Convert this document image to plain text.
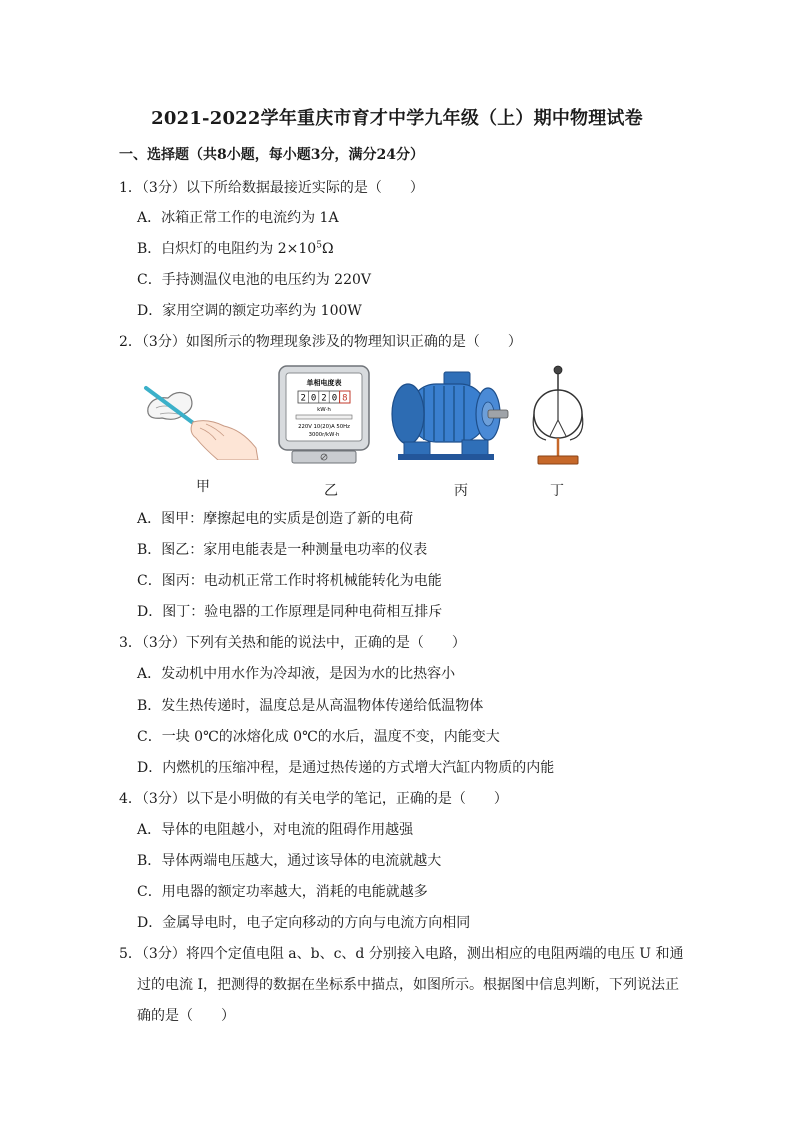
2021-2022学年重庆市育才中学九年级（上）期中物理试卷
一、选择题（共8小题，每小题3分，满分24分）
1．（3分）以下所给数据最接近实际的是（　　）
A．冰箱正常工作的电流约为 1A
B．白炽灯的电阻约为 $2\times 10^5\Omega$
C．手持测温仪电池的电压约为 220V
D．家用空调的额定功率约为 100W
2．（3分）如图所示的物理现象涉及的物理知识正确的是（　　）
单相电度表
2 0 2 0 8
kW·h
220V 10(20)A 50Hz
3000r/kW·h
甲	乙	丙	丁
A．图甲：摩擦起电的实质是创造了新的电荷
B．图乙：家用电能表是一种测量电功率的仪表
C．图丙：电动机正常工作时将机械能转化为电能
D．图丁：验电器的工作原理是同种电荷相互排斥
3．（3分）下列有关热和能的说法中，正确的是（　　）
A．发动机中用水作为冷却液，是因为水的比热容小
B．发生热传递时，温度总是从高温物体传递给低温物体
C．一块 0℃的冰熔化成 0℃的水后，温度不变，内能变大
D．内燃机的压缩冲程，是通过热传递的方式增大汽缸内物质的内能
4．（3分）以下是小明做的有关电学的笔记，正确的是（　　）
A．导体的电阻越小，对电流的阻碍作用越强
B．导体两端电压越大，通过该导体的电流就越大
C．用电器的额定功率越大，消耗的电能就越多
D．金属导电时，电子定向移动的方向与电流方向相同
5．（3分）将四个定值电阻 a、b、c、d 分别接入电路，测出相应的电阻两端的电压 U 和通
过的电流 I，把测得的数据在坐标系中描点，如图所示。根据图中信息判断，下列说法正
确的是（　　）
